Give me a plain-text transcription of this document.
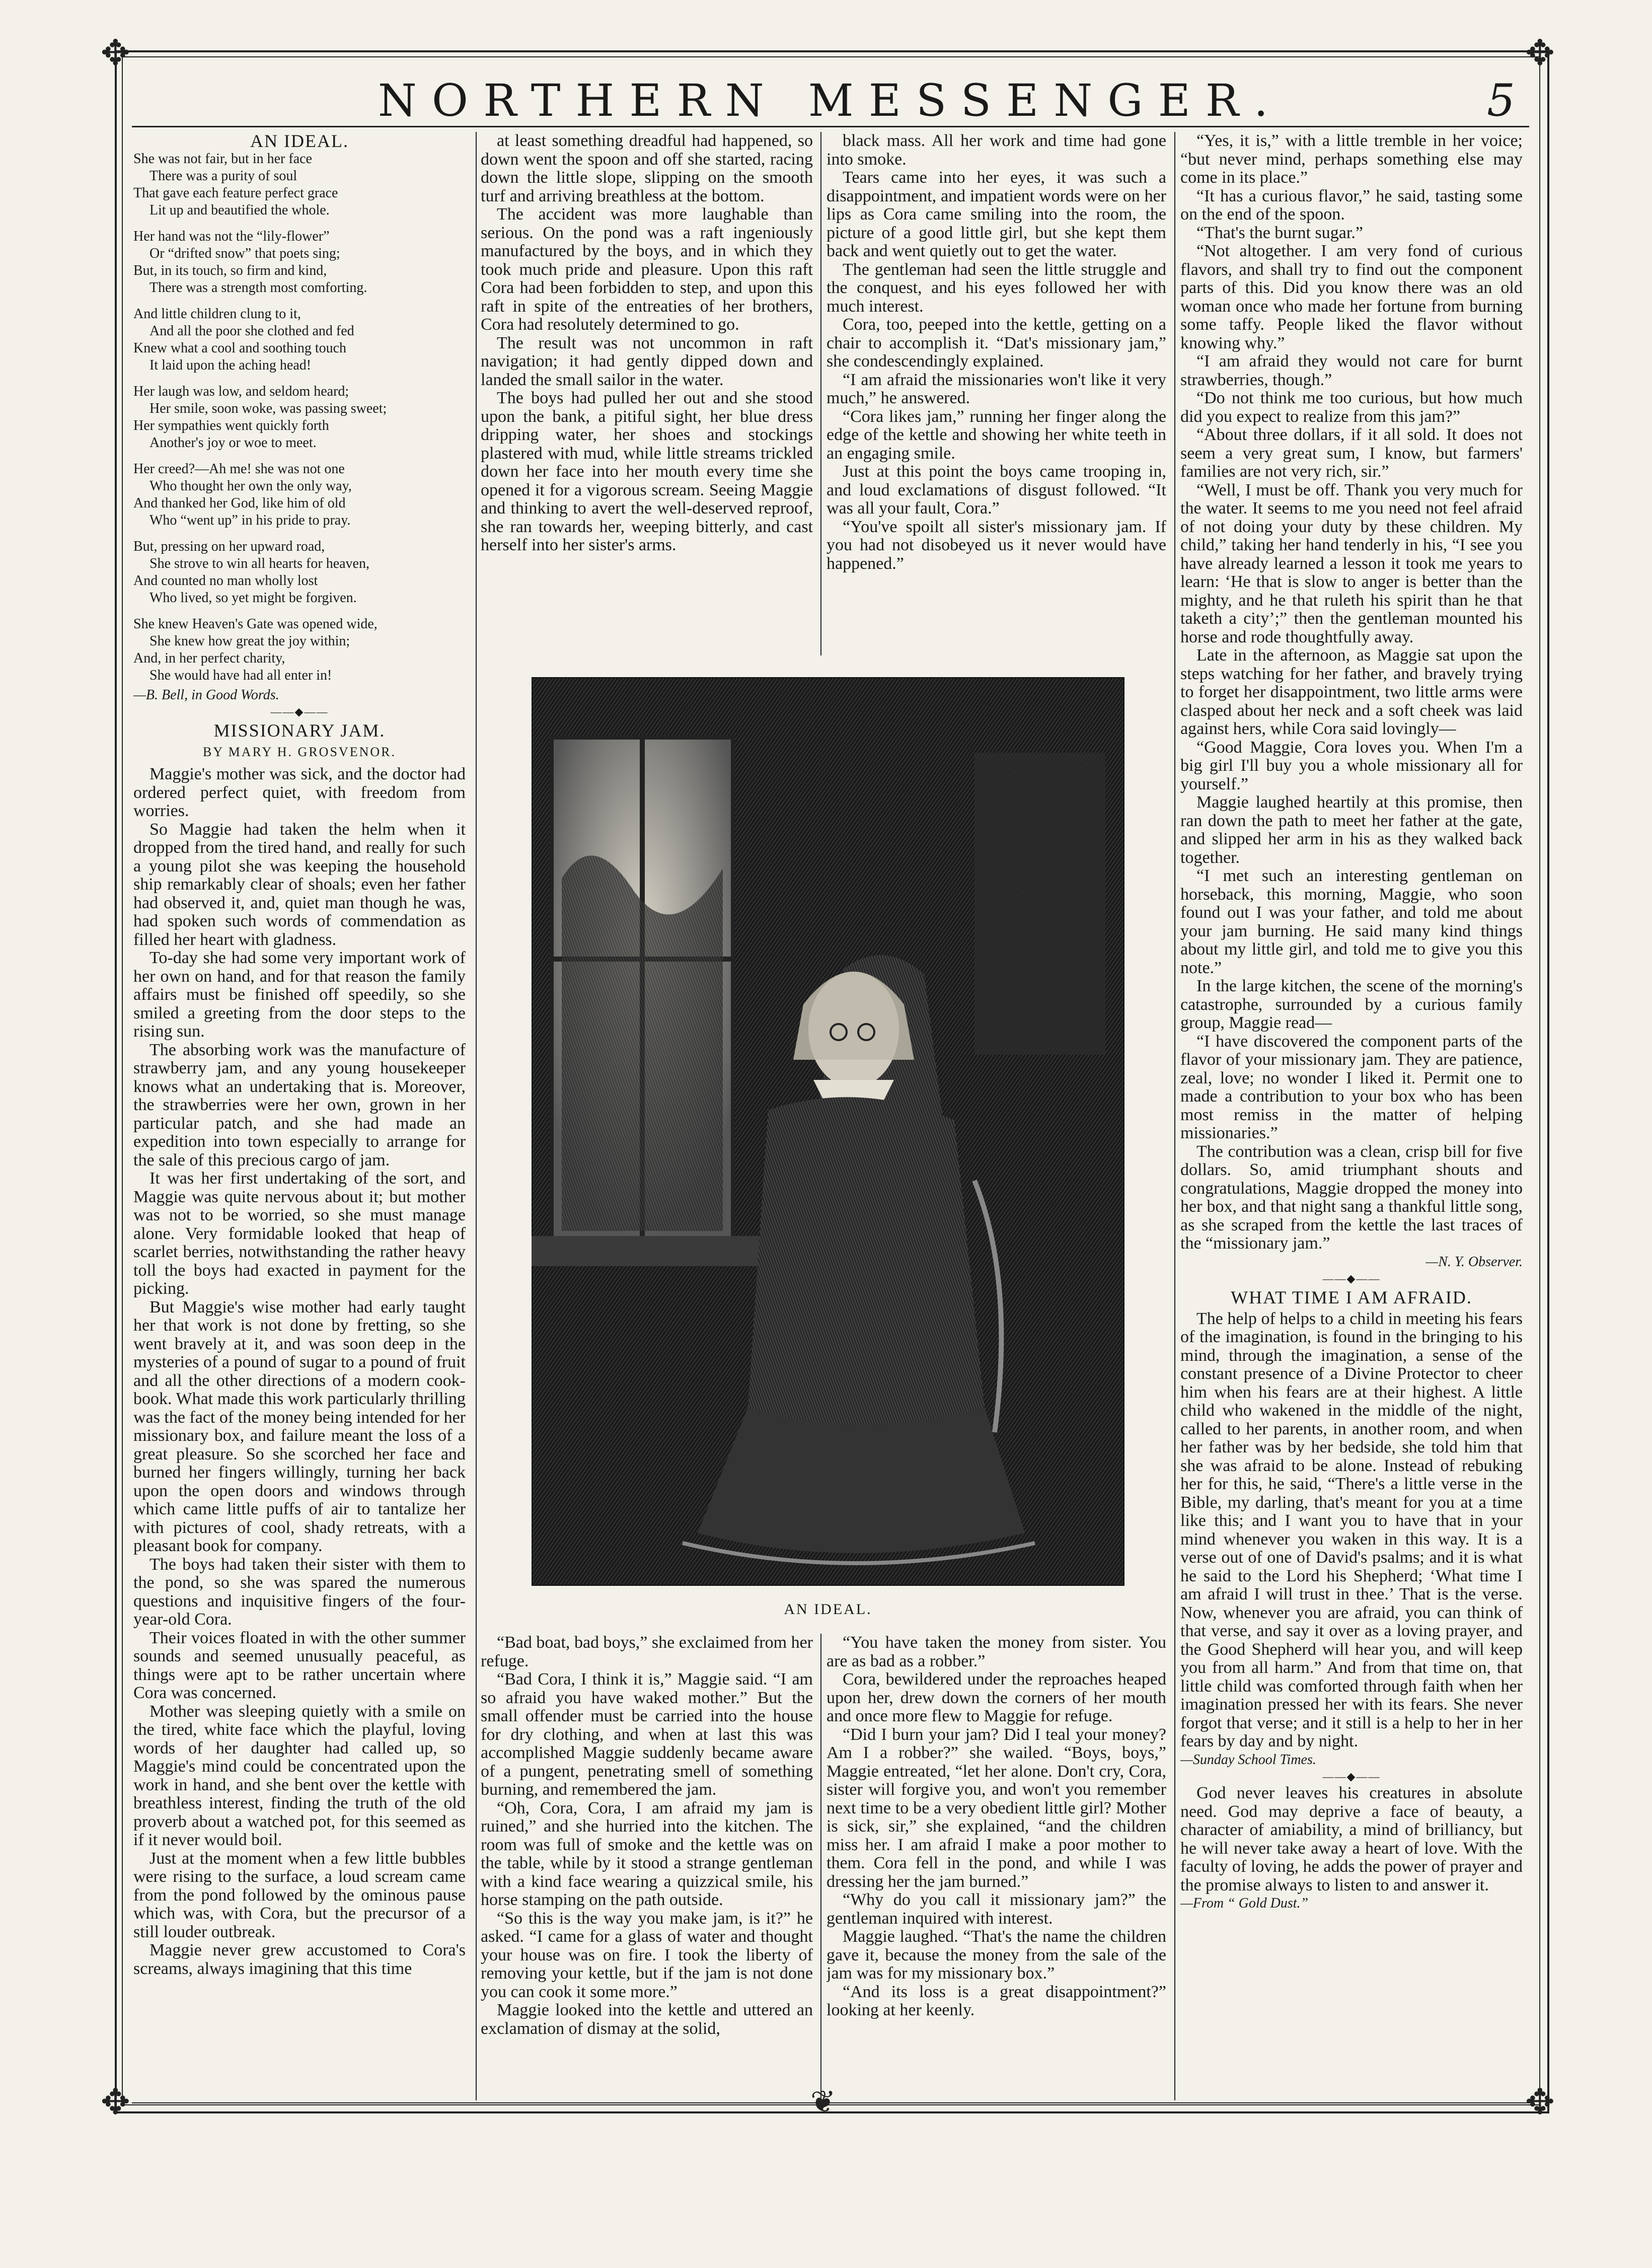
✥	✥
✥	✥
NORTHERN MESSENGER.	5
AN IDEAL.
She was not fair, but in her face
There was a purity of soul
That gave each feature perfect grace
Lit up and beautified the whole.
Her hand was not the “lily-flower”
Or “drifted snow” that poets sing;
But, in its touch, so firm and kind,
There was a strength most comforting.
And little children clung to it,
And all the poor she clothed and fed
Knew what a cool and soothing touch
It laid upon the aching head!
Her laugh was low, and seldom heard;
Her smile, soon woke, was passing sweet;
Her sympathies went quickly forth
Another's joy or woe to meet.
Her creed?—Ah me! she was not one
Who thought her own the only way,
And thanked her God, like him of old
Who “went up” in his pride to pray.
But, pressing on her upward road,
She strove to win all hearts for heaven,
And counted no man wholly lost
Who lived, so yet might be forgiven.
She knew Heaven's Gate was opened wide,
She knew how great the joy within;
And, in her perfect charity,
She would have had all enter in!
—B. Bell, in Good Words.
——◆——
MISSIONARY JAM.
BY MARY H. GROSVENOR.

Maggie's mother was sick, and the doctor had ordered perfect quiet, with freedom from worries.

So Maggie had taken the helm when it dropped from the tired hand, and really for such a young pilot she was keeping the household ship remarkably clear of shoals; even her father had observed it, and, quiet man though he was, had spoken such words of commendation as filled her heart with gladness.

To-day she had some very important work of her own on hand, and for that reason the family affairs must be finished off speedily, so she smiled a greeting from the door steps to the rising sun.

The absorbing work was the manufacture of strawberry jam, and any young housekeeper knows what an undertaking that is. Moreover, the strawberries were her own, grown in her particular patch, and she had made an expedition into town especially to arrange for the sale of this precious cargo of jam.

It was her first undertaking of the sort, and Maggie was quite nervous about it; but mother was not to be worried, so she must manage alone. Very formidable looked that heap of scarlet berries, notwithstanding the rather heavy toll the boys had exacted in payment for the picking.

But Maggie's wise mother had early taught her that work is not done by fretting, so she went bravely at it, and was soon deep in the mysteries of a pound of sugar to a pound of fruit and all the other directions of a modern cook-book. What made this work particularly thrilling was the fact of the money being intended for her missionary box, and failure meant the loss of a great pleasure. So she scorched her face and burned her fingers willingly, turning her back upon the open doors and windows through which came little puffs of air to tantalize her with pictures of cool, shady retreats, with a pleasant book for company.

The boys had taken their sister with them to the pond, so she was spared the numerous questions and inquisitive fingers of the four-year-old Cora.

Their voices floated in with the other summer sounds and seemed unusually peaceful, as things were apt to be rather uncertain where Cora was concerned.

Mother was sleeping quietly with a smile on the tired, white face which the playful, loving words of her daughter had called up, so Maggie's mind could be concentrated upon the work in hand, and she bent over the kettle with breathless interest, finding the truth of the old proverb about a watched pot, for this seemed as if it never would boil.

Just at the moment when a few little bubbles were rising to the surface, a loud scream came from the pond followed by the ominous pause which was, with Cora, but the precursor of a still louder outbreak.

Maggie never grew accustomed to Cora's screams, always imagining that this time

at least something dreadful had happened, so down went the spoon and off she started, racing down the little slope, slipping on the smooth turf and arriving breathless at the bottom.

The accident was more laughable than serious. On the pond was a raft ingeniously manufactured by the boys, and in which they took much pride and pleasure. Upon this raft Cora had been forbidden to step, and upon this raft in spite of the entreaties of her brothers, Cora had resolutely determined to go.

The result was not uncommon in raft navigation; it had gently dipped down and landed the small sailor in the water.

The boys had pulled her out and she stood upon the bank, a pitiful sight, her blue dress dripping water, her shoes and stockings plastered with mud, while little streams trickled down her face into her mouth every time she opened it for a vigorous scream. Seeing Maggie and thinking to avert the well-deserved reproof, she ran towards her, weeping bitterly, and cast herself into her sister's arms.

black mass. All her work and time had gone into smoke.

Tears came into her eyes, it was such a disappointment, and impatient words were on her lips as Cora came smiling into the room, the picture of a good little girl, but she kept them back and went quietly out to get the water.

The gentleman had seen the little struggle and the conquest, and his eyes followed her with much interest.

Cora, too, peeped into the kettle, getting on a chair to accomplish it. “Dat's missionary jam,” she condescendingly explained.

“I am afraid the missionaries won't like it very much,” he answered.

“Cora likes jam,” running her finger along the edge of the kettle and showing her white teeth in an engaging smile.

Just at this point the boys came trooping in, and loud exclamations of disgust followed. “It was all your fault, Cora.”

“You've spoilt all sister's missionary jam. If you had not disobeyed us it never would have happened.”

AN IDEAL.

“Bad boat, bad boys,” she exclaimed from her refuge.

“Bad Cora, I think it is,” Maggie said. “I am so afraid you have waked mother.” But the small offender must be carried into the house for dry clothing, and when at last this was accomplished Maggie suddenly became aware of a pungent, penetrating smell of something burning, and remembered the jam.

“Oh, Cora, Cora, I am afraid my jam is ruined,” and she hurried into the kitchen. The room was full of smoke and the kettle was on the table, while by it stood a strange gentleman with a kind face wearing a quizzical smile, his horse stamping on the path outside.

“So this is the way you make jam, is it?” he asked. “I came for a glass of water and thought your house was on fire. I took the liberty of removing your kettle, but if the jam is not done you can cook it some more.”

Maggie looked into the kettle and uttered an exclamation of dismay at the solid,

“You have taken the money from sister. You are as bad as a robber.”

Cora, bewildered under the reproaches heaped upon her, drew down the corners of her mouth and once more flew to Maggie for refuge.

“Did I burn your jam? Did I teal your money? Am I a robber?” she wailed. “Boys, boys,” Maggie entreated, “let her alone. Don't cry, Cora, sister will forgive you, and won't you remember next time to be a very obedient little girl? Mother is sick, sir,” she explained, “and the children miss her. I am afraid I make a poor mother to them. Cora fell in the pond, and while I was dressing her the jam burned.”

“Why do you call it missionary jam?” the gentleman inquired with interest.

Maggie laughed. “That's the name the children gave it, because the money from the sale of the jam was for my missionary box.”

“And its loss is a great disappointment?” looking at her keenly.

“Yes, it is,” with a little tremble in her voice; “but never mind, perhaps something else may come in its place.”

“It has a curious flavor,” he said, tasting some on the end of the spoon.

“That's the burnt sugar.”

“Not altogether. I am very fond of curious flavors, and shall try to find out the component parts of this. Did you know there was an old woman once who made her fortune from burning some taffy. People liked the flavor without knowing why.”

“I am afraid they would not care for burnt strawberries, though.”

“Do not think me too curious, but how much did you expect to realize from this jam?”

“About three dollars, if it all sold. It does not seem a very great sum, I know, but farmers' families are not very rich, sir.”

“Well, I must be off. Thank you very much for the water. It seems to me you need not feel afraid of not doing your duty by these children. My child,” taking her hand tenderly in his, “I see you have already learned a lesson it took me years to learn: ‘He that is slow to anger is better than the mighty, and he that ruleth his spirit than he that taketh a city’;” then the gentleman mounted his horse and rode thoughtfully away.

Late in the afternoon, as Maggie sat upon the steps watching for her father, and bravely trying to forget her disappointment, two little arms were clasped about her neck and a soft cheek was laid against hers, while Cora said lovingly—

“Good Maggie, Cora loves you. When I'm a big girl I'll buy you a whole missionary all for yourself.”

Maggie laughed heartily at this promise, then ran down the path to meet her father at the gate, and slipped her arm in his as they walked back together.

“I met such an interesting gentleman on horseback, this morning, Maggie, who soon found out I was your father, and told me about your jam burning. He said many kind things about my little girl, and told me to give you this note.”

In the large kitchen, the scene of the morning's catastrophe, surrounded by a curious family group, Maggie read—

“I have discovered the component parts of the flavor of your missionary jam. They are patience, zeal, love; no wonder I liked it. Permit one to made a contribution to your box who has been most remiss in the matter of helping missionaries.”

The contribution was a clean, crisp bill for five dollars. So, amid triumphant shouts and congratulations, Maggie dropped the money into her box, and that night sang a thankful little song, as she scraped from the kettle the last traces of the “missionary jam.”

—N. Y. Observer.
——◆——
WHAT TIME I AM AFRAID.

The help of helps to a child in meeting his fears of the imagination, is found in the bringing to his mind, through the imagination, a sense of the constant presence of a Divine Protector to cheer him when his fears are at their highest. A little child who wakened in the middle of the night, called to her parents, in another room, and when her father was by her bedside, she told him that she was afraid to be alone. Instead of rebuking her for this, he said, “There's a little verse in the Bible, my darling, that's meant for you at a time like this; and I want you to have that in your mind whenever you waken in this way. It is a verse out of one of David's psalms; and it is what he said to the Lord his Shepherd; ‘What time I am afraid I will trust in thee.’ That is the verse. Now, whenever you are afraid, you can think of that verse, and say it over as a loving prayer, and the Good Shepherd will hear you, and will keep you from all harm.” And from that time on, that little child was comforted through faith when her imagination pressed her with its fears. She never forgot that verse; and it still is a help to her in her fears by day and by night.

—Sunday School Times.
——◆——

God never leaves his creatures in absolute need. God may deprive a face of beauty, a character of amiability, a mind of brilliancy, but he will never take away a heart of love. With the faculty of loving, he adds the power of prayer and the promise always to listen to and answer it.

—From “ Gold Dust.”
❦
